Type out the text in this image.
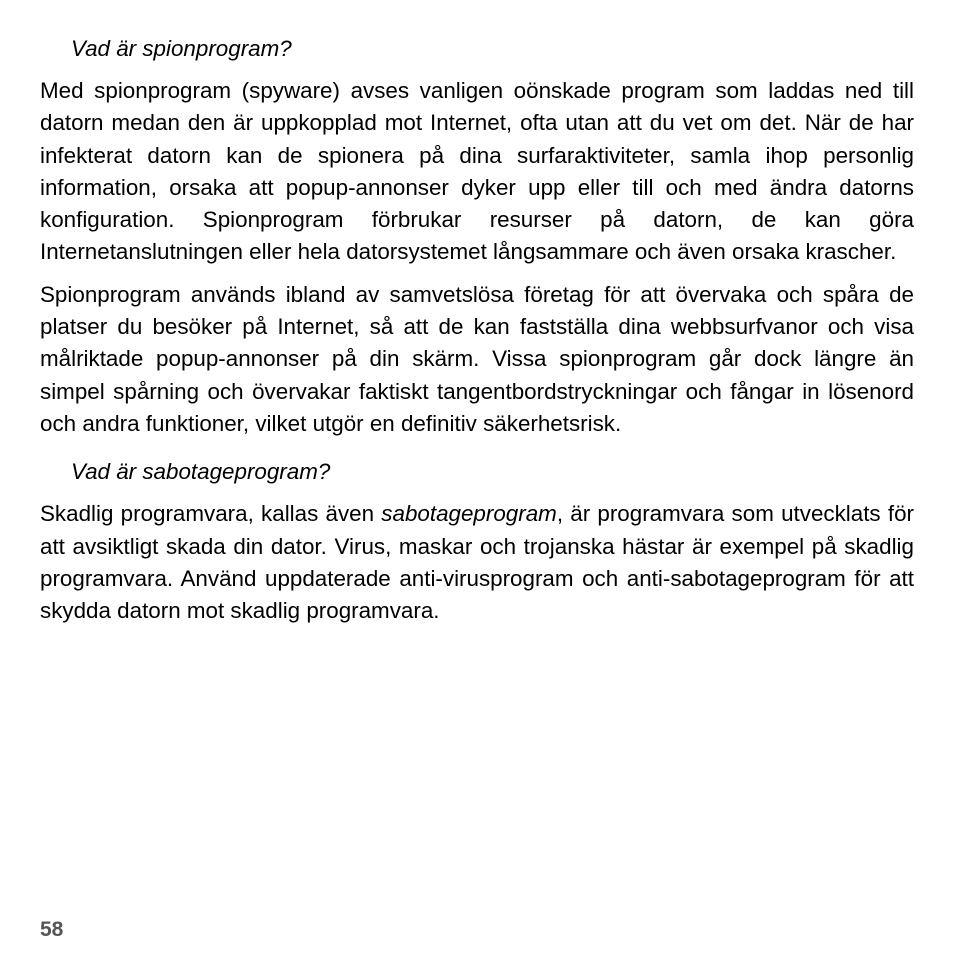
Vad är spionprogram?

Med spionprogram (spyware) avses vanligen oönskade program som laddas ned till datorn medan den är uppkopplad mot Internet, ofta utan att du vet om det. När de har infekterat datorn kan de spionera på dina surfaraktiviteter, samla ihop personlig information, orsaka att popup-annonser dyker upp eller till och med ändra datorns konfiguration. Spionprogram förbrukar resurser på datorn, de kan göra Internetanslutningen eller hela datorsystemet långsammare och även orsaka krascher.

Spionprogram används ibland av samvetslösa företag för att övervaka och spåra de platser du besöker på Internet, så att de kan fastställa dina webbsurfvanor och visa målriktade popup-annonser på din skärm. Vissa spionprogram går dock längre än simpel spårning och övervakar faktiskt tangentbordstryckningar och fångar in lösenord och andra funktioner, vilket utgör en definitiv säkerhetsrisk.

Vad är sabotageprogram?

Skadlig programvara, kallas även sabotageprogram, är programvara som utvecklats för att avsiktligt skada din dator. Virus, maskar och trojanska hästar är exempel på skadlig programvara. Använd uppdaterade anti-virusprogram och anti-sabotageprogram för att skydda datorn mot skadlig programvara.

58
